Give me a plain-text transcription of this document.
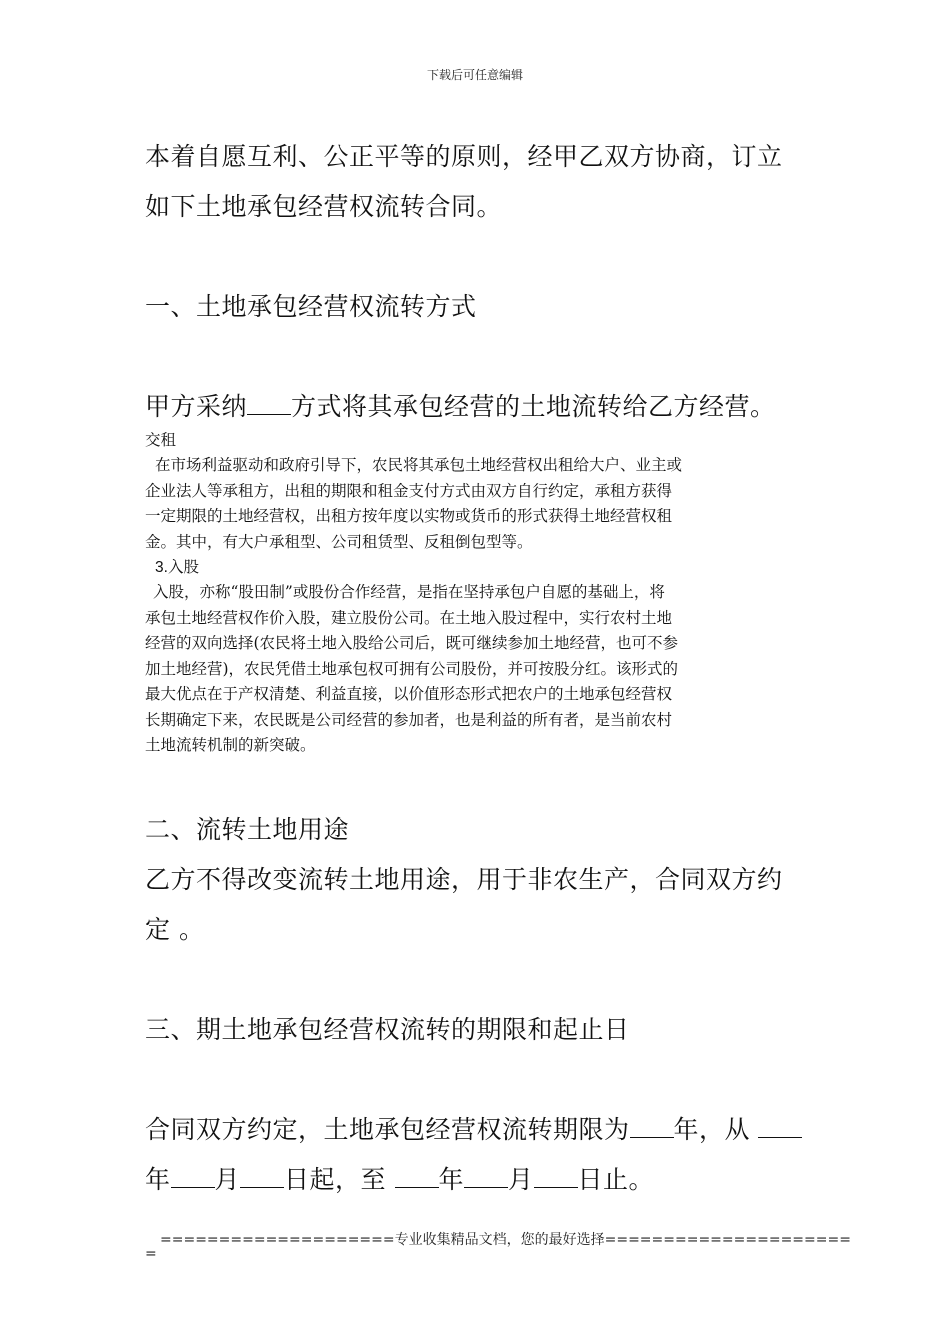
下载后可任意编辑
本着自愿互利、公正平等的原则，经甲乙双方协商，订立
如下土地承包经营权流转合同。
一、土地承包经营权流转方式
甲方采纳 方式将其承包经营的土地流转给乙方经营。
交租
在市场利益驱动和政府引导下，农民将其承包土地经营权出租给大户、业主或
企业法人等承租方，出租的期限和租金支付方式由双方自行约定，承租方获得
一定期限的土地经营权，出租方按年度以实物或货币的形式获得土地经营权租
金。其中，有大户承租型、公司租赁型、反租倒包型等。
3.入股
入股，亦称“股田制”或股份合作经营，是指在坚持承包户自愿的基础上，将
承包土地经营权作价入股，建立股份公司。在土地入股过程中，实行农村土地
经营的双向选择(农民将土地入股给公司后，既可继续参加土地经营，也可不参
加土地经营)，农民凭借土地承包权可拥有公司股份，并可按股分红。该形式的
最大优点在于产权清楚、利益直接，以价值形态形式把农户的土地承包经营权
长期确定下来，农民既是公司经营的参加者，也是利益的所有者，是当前农村
土地流转机制的新突破。
二、流转土地用途
乙方不得改变流转土地用途，用于非农生产，合同双方约
定 。
三、期土地承包经营权流转的期限和起止日
合同双方约定，土地承包经营权流转期限为 年，从
年 月 日起，至 年 月 日止。
====================专业收集精品文档，您的最好选择=====================
=
